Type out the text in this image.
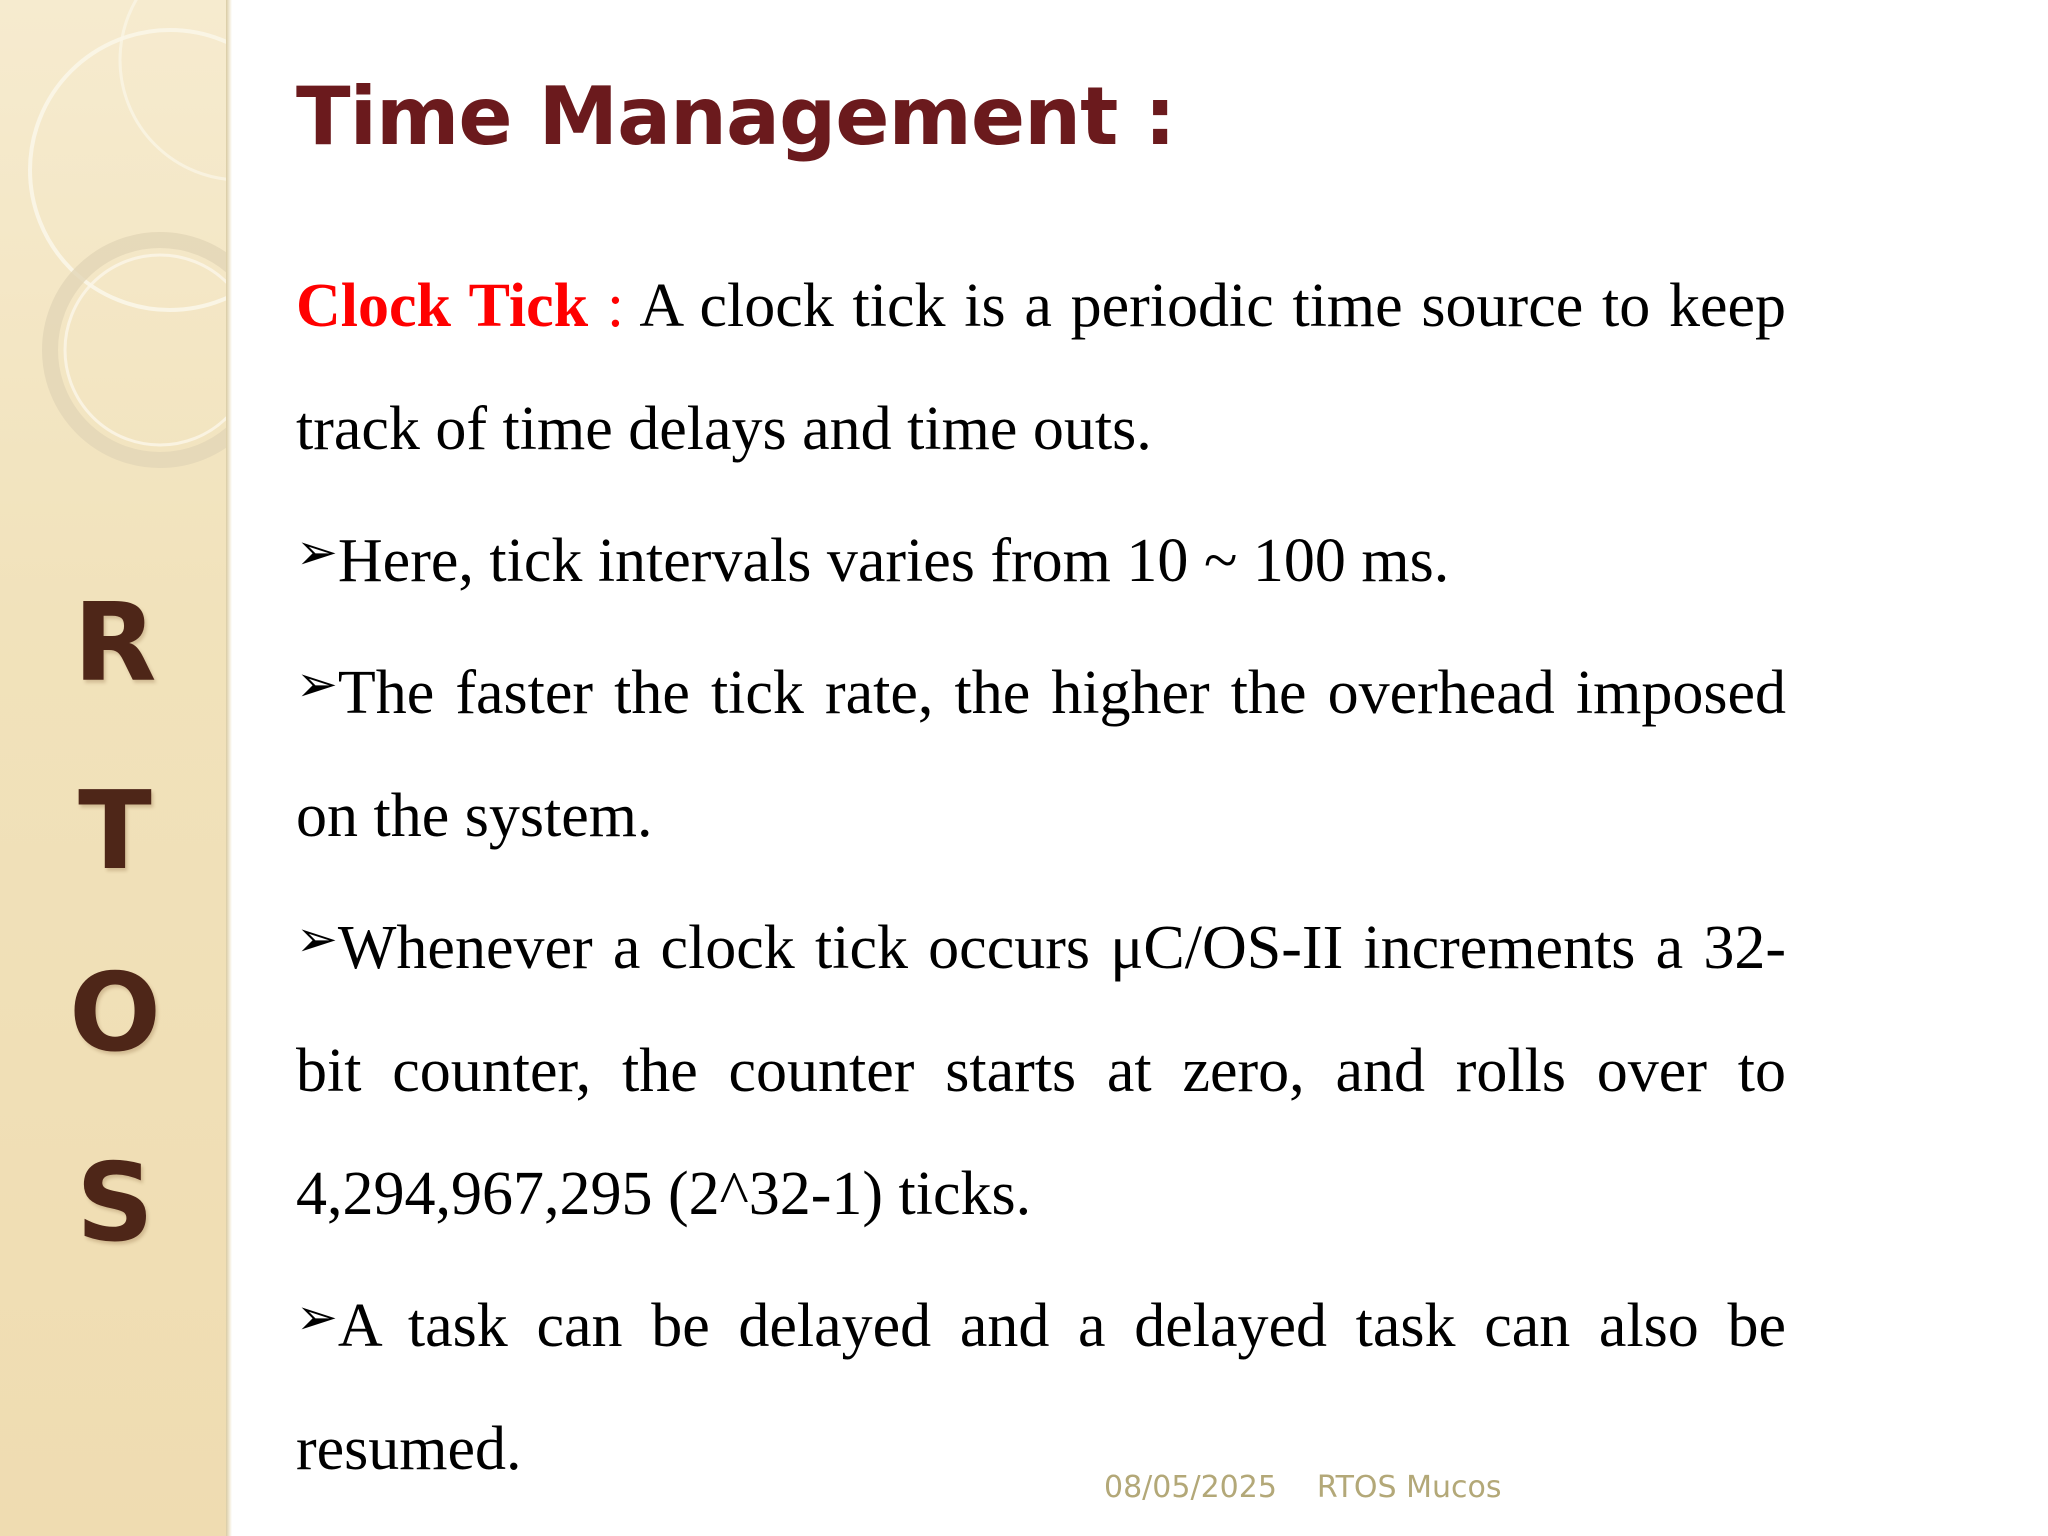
R
T
O
S
Time Management :

Clock Tick : A clock tick is a periodic time source to keep track of time delays and time outs.

➢Here, tick intervals varies from 10 ~ 100 ms.

➢The faster the tick rate, the higher the overhead imposed on the system.

➢Whenever a clock tick occurs μC/OS-II increments a 32- bit counter, the counter starts at zero, and rolls over to 4,294,967,295 (2^32-1) ticks.

➢A task can be delayed and a delayed task can also be resumed.

08/05/2025 RTOS Mucos
